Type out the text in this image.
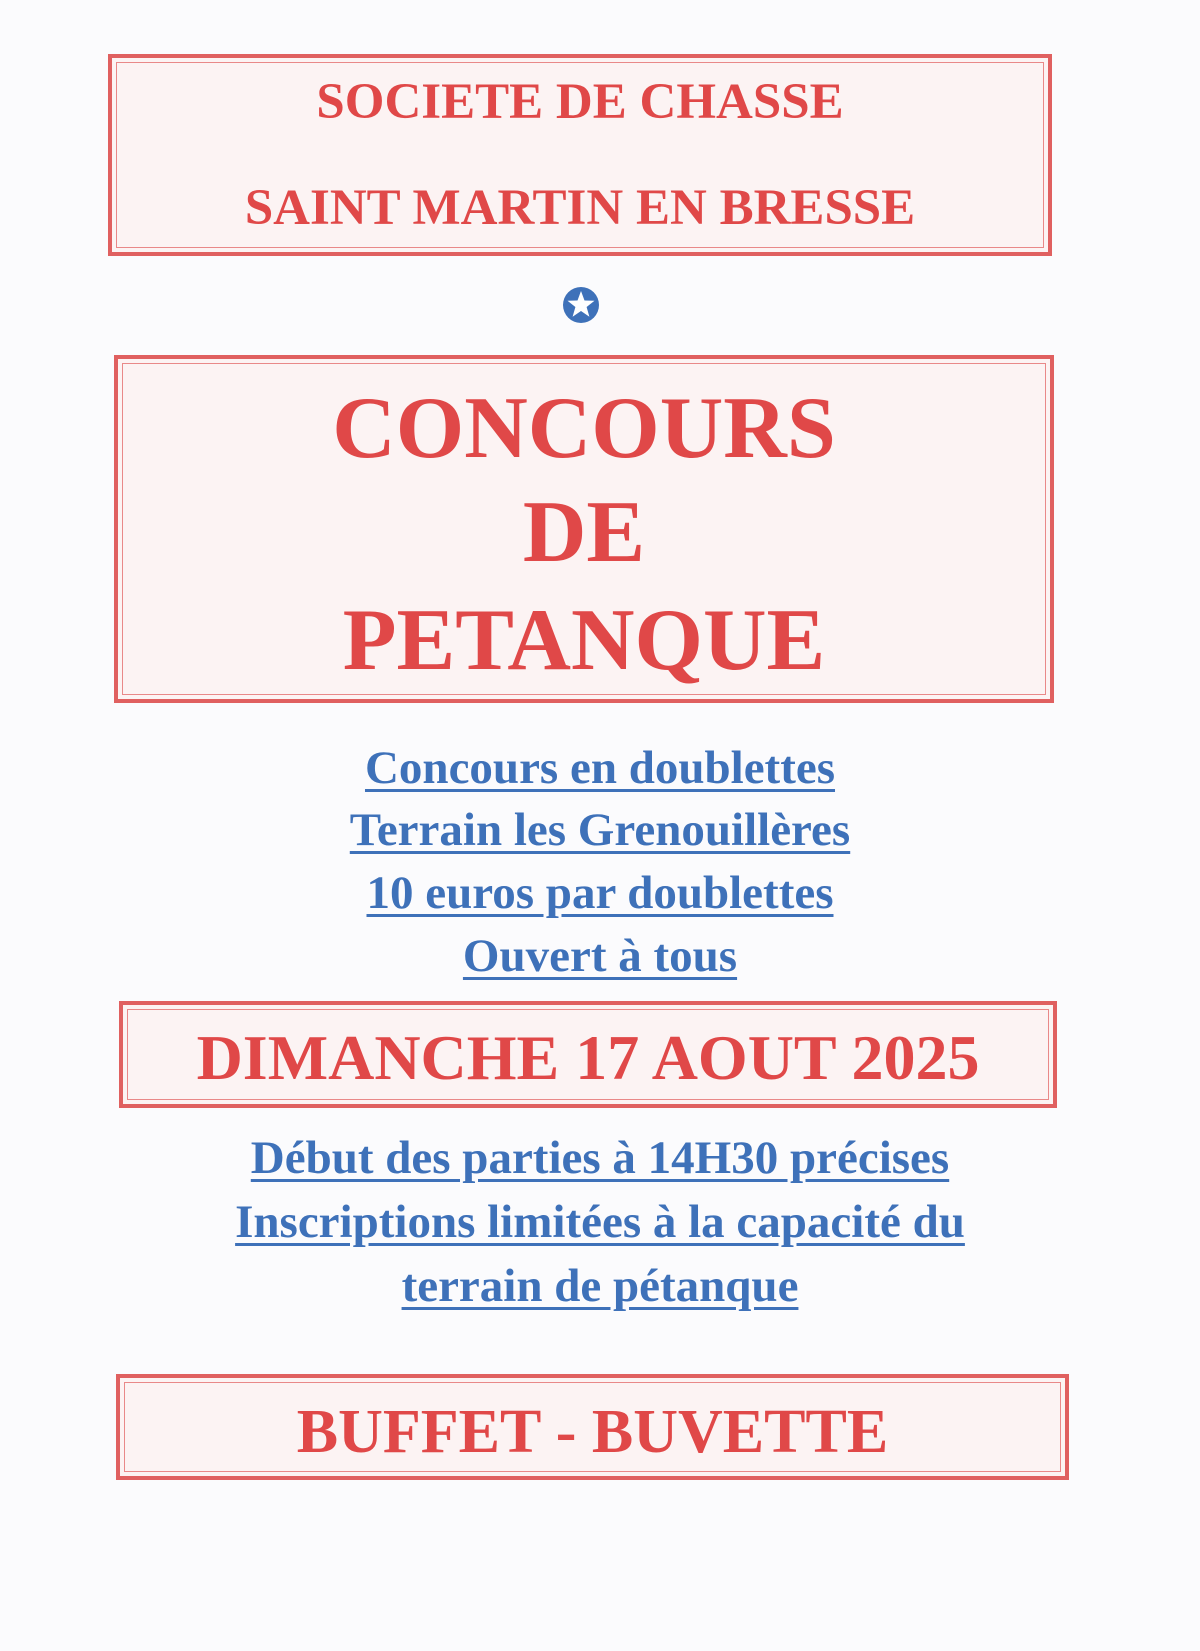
SOCIETE DE CHASSE
SAINT MARTIN EN BRESSE
CONCOURS
DE
PETANQUE
Concours en doublettes
Terrain les Grenouillères
10 euros par doublettes
Ouvert à tous
DIMANCHE 17 AOUT 2025
Début des parties à 14H30 précises
Inscriptions limitées à la capacité du
terrain de pétanque
BUFFET - BUVETTE
